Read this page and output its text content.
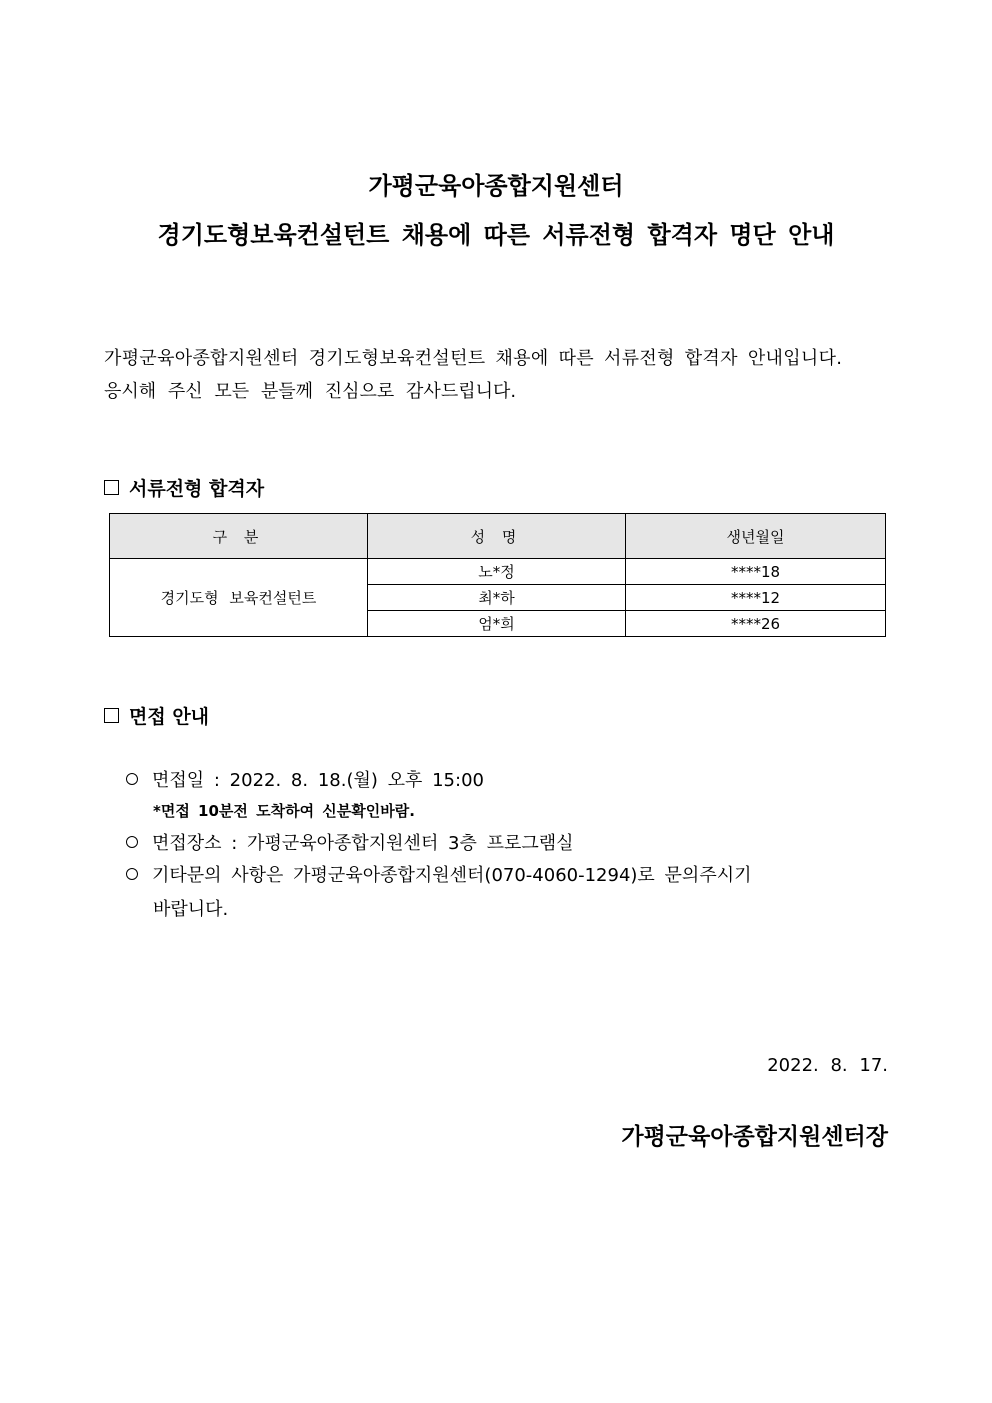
가평군육아종합지원센터
경기도형보육컨설턴트 채용에 따른 서류전형 합격자 명단 안내
가평군육아종합지원센터 경기도형보육컨설턴트 채용에 따른 서류전형 합격자 안내입니다.
응시해 주신 모든 분들께 진심으로 감사드립니다.
서류전형 합격자
구 분	성 명	생년월일
경기도형 보육컨설턴트	노*정	****18
	최*하	****12
	엄*희	****26
면접 안내
면접일 : 2022. 8. 18.(월) 오후 15:00
*면접 10분전 도착하여 신분확인바람.
면접장소 : 가평군육아종합지원센터 3층 프로그램실
기타문의 사항은 가평군육아종합지원센터(070-4060-1294)로 문의주시기
바랍니다.
2022. 8. 17.
가평군육아종합지원센터장
